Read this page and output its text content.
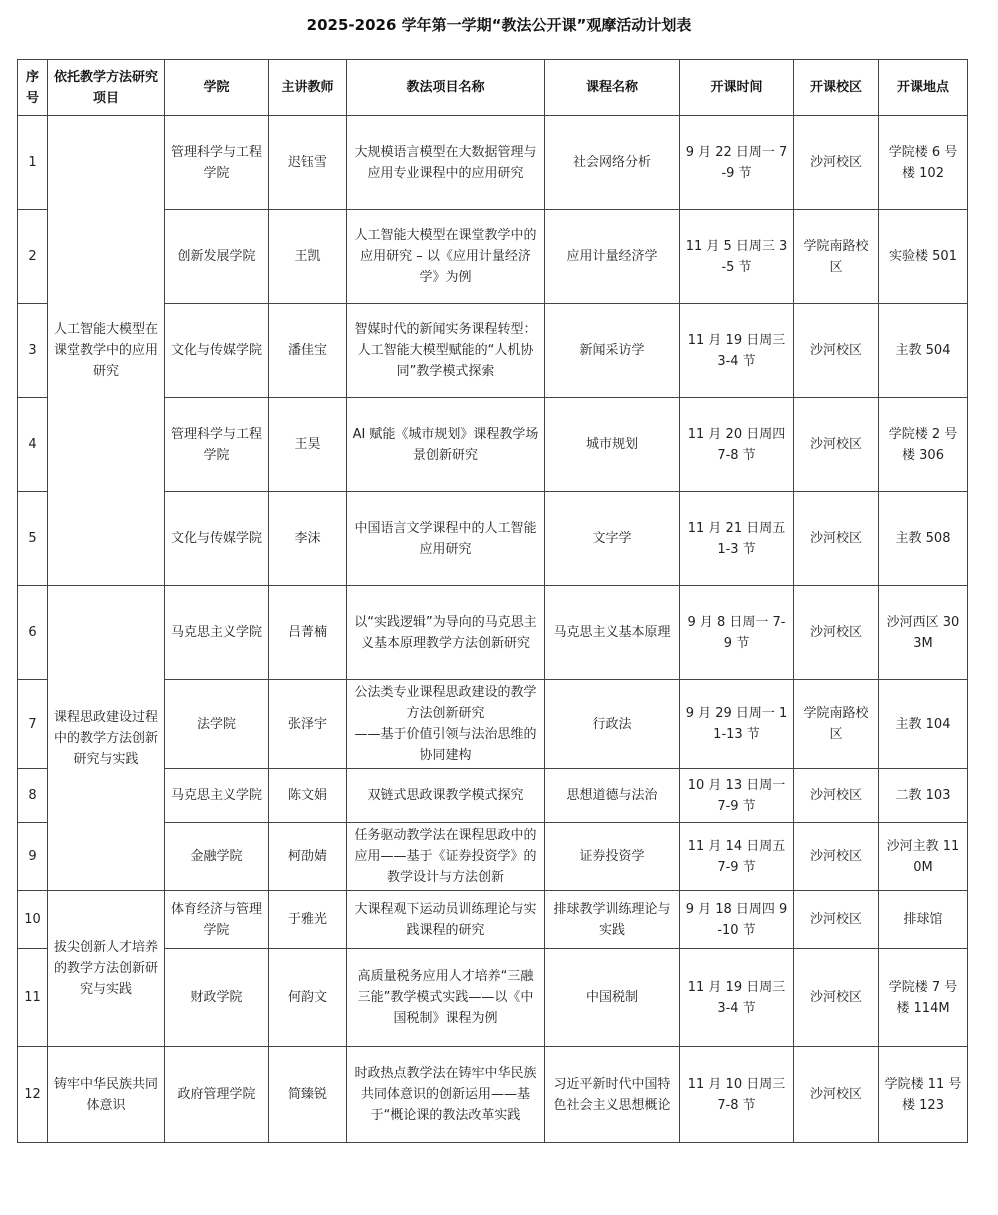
2025-2026 学年第一学期“教法公开课”观摩活动计划表
序号	依托教学方法研究项目	学院	主讲教师	教法项目名称	课程名称	开课时间	开课校区	开课地点
1	人工智能大模型在课堂教学中的应用研究	管理科学与工程学院	迟钰雪	大规模语言模型在大数据管理与应用专业课程中的应用研究	社会网络分析	9 月 22 日周一 7-9 节	沙河校区	学院楼 6 号楼 102
2		创新发展学院	王凯	人工智能大模型在课堂教学中的应用研究 – 以《应用计量经济学》为例	应用计量经济学	11 月 5 日周三 3-5 节	学院南路校区	实验楼 501
3		文化与传媒学院	潘佳宝	智媒时代的新闻实务课程转型：人工智能大模型赋能的“人机协同”教学模式探索	新闻采访学	11 月 19 日周三 3-4 节	沙河校区	主教 504
4		管理科学与工程学院	王昊	AI 赋能《城市规划》课程教学场景创新研究	城市规划	11 月 20 日周四 7-8 节	沙河校区	学院楼 2 号楼 306
5		文化与传媒学院	李沫	中国语言文学课程中的人工智能应用研究	文字学	11 月 21 日周五 1-3 节	沙河校区	主教 508
6	课程思政建设过程中的教学方法创新研究与实践	马克思主义学院	吕菁楠	以“实践逻辑”为导向的马克思主义基本原理教学方法创新研究	马克思主义基本原理	9 月 8 日周一 7-9 节	沙河校区	沙河西区 303M
7		法学院	张泽宇	公法类专业课程思政建设的教学方法创新研究
——基于价值引领与法治思维的协同建构	行政法	9 月 29 日周一 11-13 节	学院南路校区	主教 104
8		马克思主义学院	陈文娟	双链式思政课教学模式探究	思想道德与法治	10 月 13 日周一 7-9 节	沙河校区	二教 103
9		金融学院	柯劭婧	任务驱动教学法在课程思政中的应用——基于《证券投资学》的教学设计与方法创新	证券投资学	11 月 14 日周五 7-9 节	沙河校区	沙河主教 110M
10	拔尖创新人才培养的教学方法创新研究与实践	体育经济与管理学院	于雅光	大课程观下运动员训练理论与实践课程的研究	排球教学训练理论与实践	9 月 18 日周四 9-10 节	沙河校区	排球馆
11		财政学院	何韵文	高质量税务应用人才培养“三融三能”教学模式实践——以《中国税制》课程为例	中国税制	11 月 19 日周三 3-4 节	沙河校区	学院楼 7 号楼 114M
12	铸牢中华民族共同体意识	政府管理学院	简臻锐	时政热点教学法在铸牢中华民族共同体意识的创新运用——基于“概论课的教法改革实践	习近平新时代中国特色社会主义思想概论	11 月 10 日周三 7-8 节	沙河校区	学院楼 11 号楼 123
